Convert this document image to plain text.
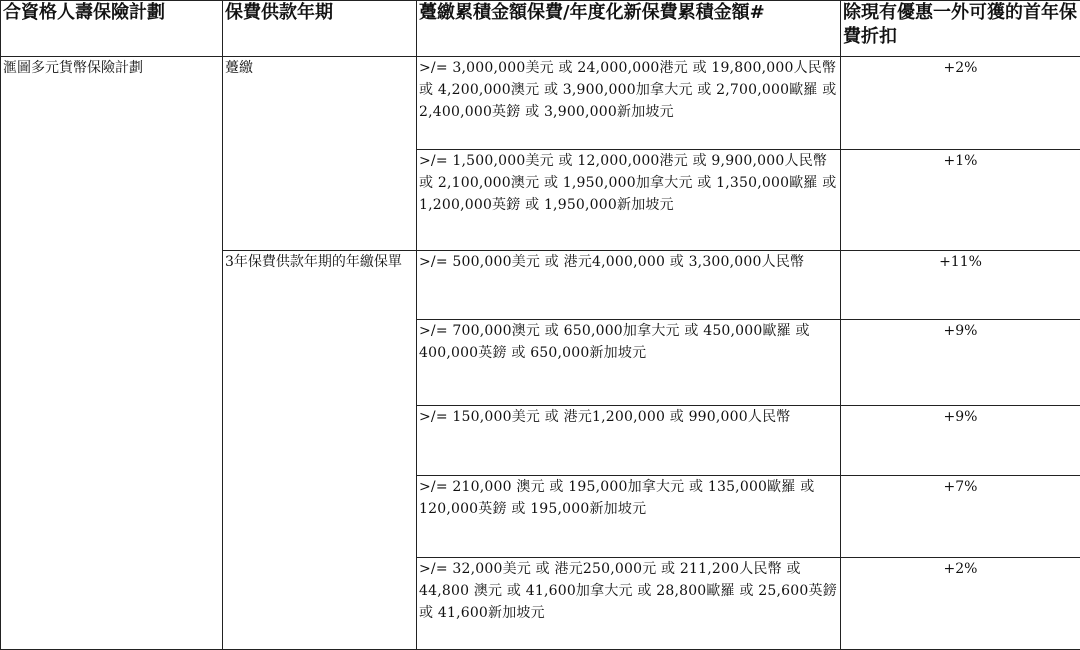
合資格人壽保險計劃	保費供款年期	躉繳累積金額保費/年度化新保費累積金額#	除現有優惠一外可獲的首年保費折扣
滙圖多元貨幣保險計劃	躉繳	>/= 3,000,000美元 或 24,000,000港元 或 19,800,000人民幣 或 4,200,000澳元 或 3,900,000加拿大元 或 2,700,000歐羅 或 2,400,000英鎊 或 3,900,000新加坡元	+2%
		>/= 1,500,000美元 或 12,000,000港元 或 9,900,000人民幣 或 2,100,000澳元 或 1,950,000加拿大元 或 1,350,000歐羅 或 1,200,000英鎊 或 1,950,000新加坡元	+1%
	3年保費供款年期的年繳保單	>/= 500,000美元 或 港元4,000,000 或 3,300,000人民幣	+11%
		>/= 700,000澳元 或 650,000加拿大元 或 450,000歐羅 或 400,000英鎊 或 650,000新加坡元	+9%
		>/= 150,000美元 或 港元1,200,000 或 990,000人民幣	+9%
		>/= 210,000 澳元 或 195,000加拿大元 或 135,000歐羅 或120,000英鎊 或 195,000新加坡元	+7%
		>/= 32,000美元 或 港元250,000元 或 211,200人民幣 或 44,800 澳元 或 41,600加拿大元 或 28,800歐羅 或 25,600英鎊 或 41,600新加坡元	+2%
